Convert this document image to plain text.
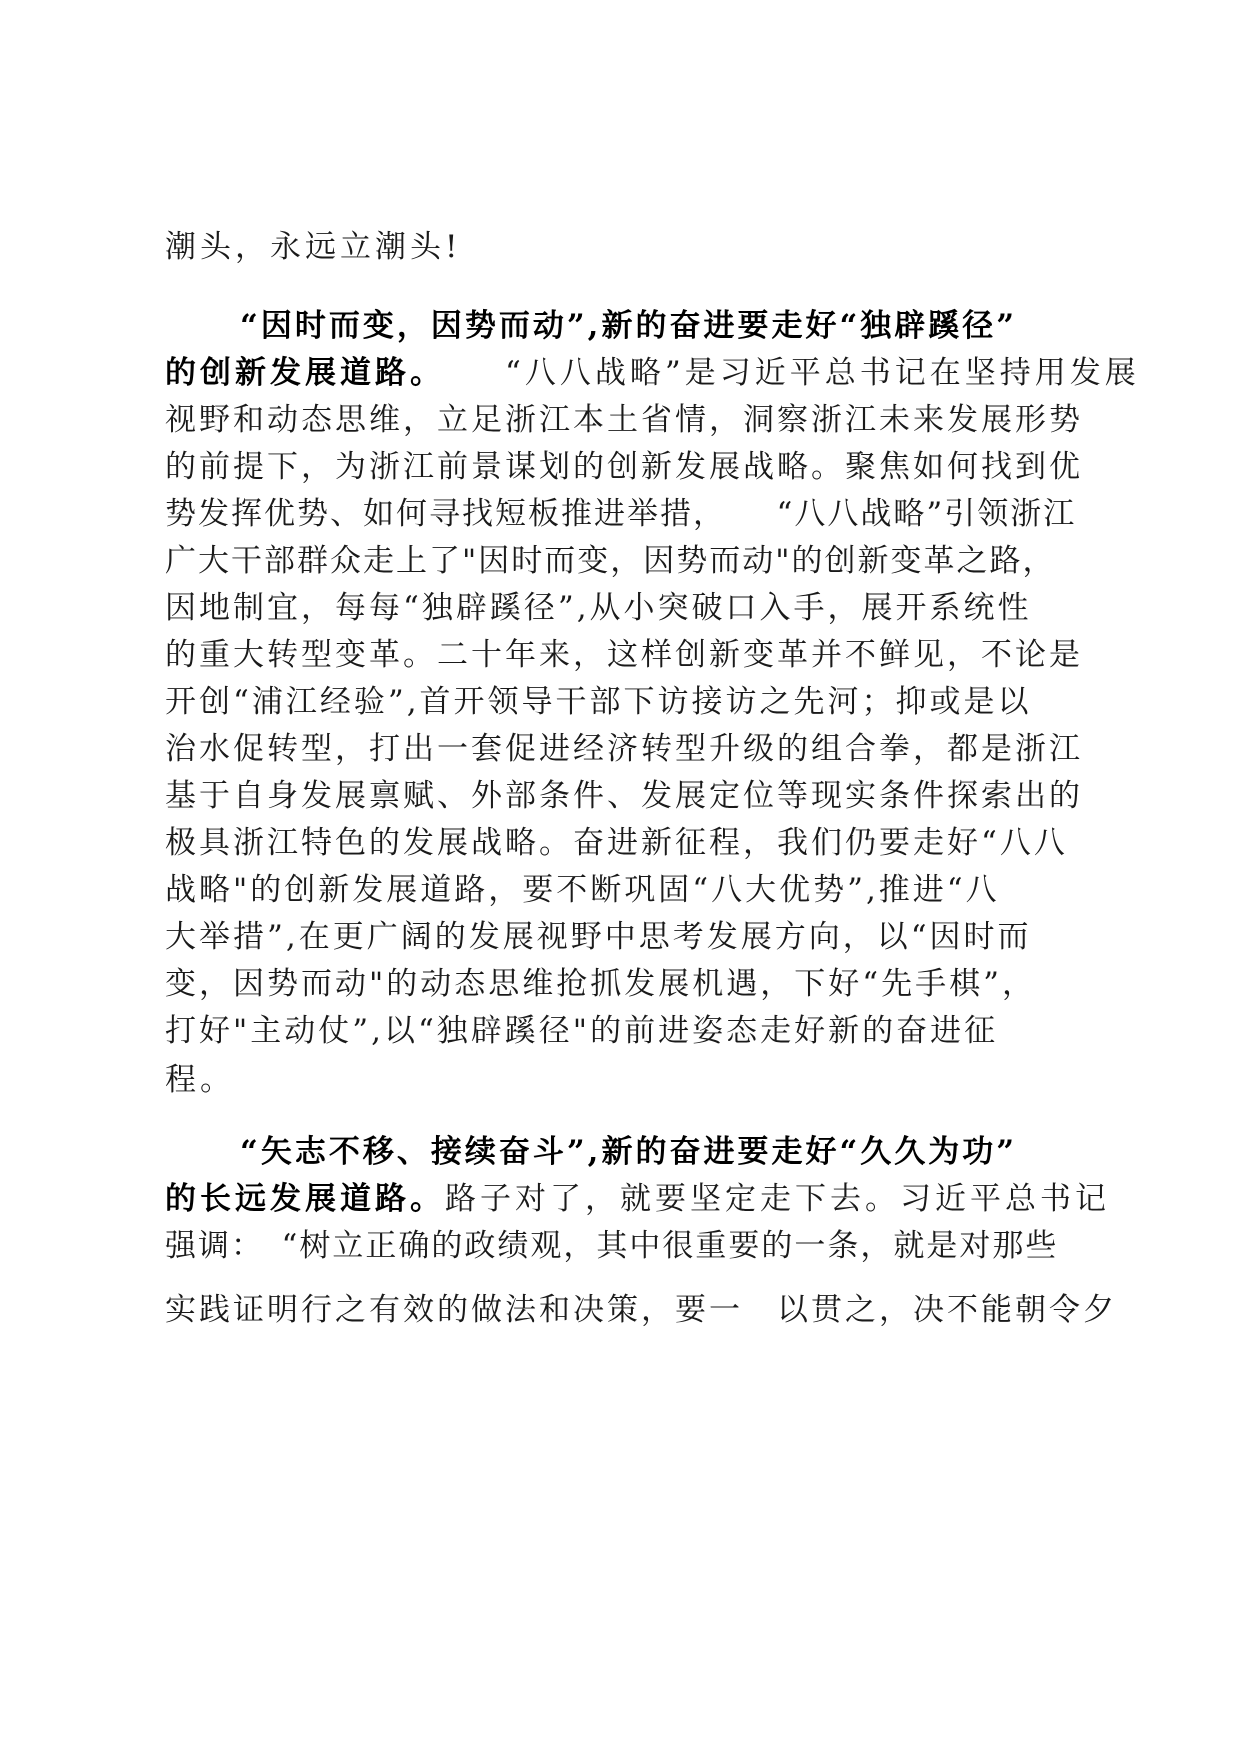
潮头，永远立潮头!
“因时而变，因势而动”,新的奋进要走好“独辟蹊径”
的创新发展道路。
　　“八八战略”是习近平总书记在坚持用发展
视野和动态思维，立足浙江本土省情，洞察浙江未来发展形势
的前提下，为浙江前景谋划的创新发展战略。聚焦如何找到优
势发挥优势、如何寻找短板推进举措，　　“八八战略”引领浙江
广大干部群众走上了"因时而变，因势而动"的创新变革之路，
因地制宜，每每“独辟蹊径”,从小突破口入手，展开系统性
的重大转型变革。二十年来，这样创新变革并不鲜见，不论是
开创“浦江经验”,首开领导干部下访接访之先河；抑或是以
治水促转型，打出一套促进经济转型升级的组合拳，都是浙江
基于自身发展禀赋、外部条件、发展定位等现实条件探索出的
极具浙江特色的发展战略。奋进新征程，我们仍要走好“八八
战略"的创新发展道路，要不断巩固“八大优势”,推进“八
大举措”,在更广阔的发展视野中思考发展方向，以“因时而
变，因势而动"的动态思维抢抓发展机遇，下好“先手棋”，
打好"主动仗”,以“独辟蹊径"的前进姿态走好新的奋进征
程。
“矢志不移、接续奋斗”,新的奋进要走好“久久为功”
的长远发展道路。 路子对了，就要坚定走下去。习近平总书记
强调：　“树立正确的政绩观，其中很重要的一条，就是对那些
实践证明行之有效的做法和决策，要一　以贯之，决不能朝令夕
